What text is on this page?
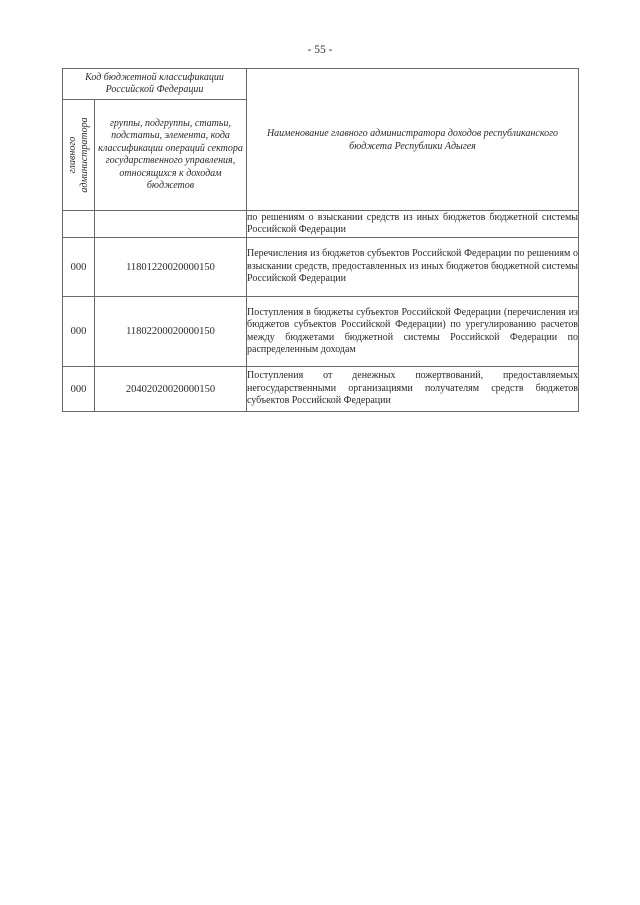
- 55 -
Код бюджетной классификации Российской Федерации		Наименование главного администратора доходов республиканского бюджета Республики Адыгея

главного администратора	группы, подгруппы, статьи, подстатьи, элемента, кода классификации операций сектора государственного управления, относящихся к доходам бюджетов	
		по решениям о взыскании средств из иных бюджетов бюджетной системы Российской Федерации
000	11801220020000150	Перечисления из бюджетов субъектов Российской Федерации по решениям о взыскании средств, предоставленных из иных бюджетов бюджетной системы Российской Федерации
000	11802200020000150	Поступления в бюджеты субъектов Российской Федерации (перечисления из бюджетов субъектов Российской Федерации) по урегулированию расчетов между бюджетами бюджетной системы Российской Федерации по распределенным доходам
000	20402020020000150	Поступления от денежных пожертвований, предоставляемых негосударственными организациями получателям средств бюджетов субъектов Российской Федерации
